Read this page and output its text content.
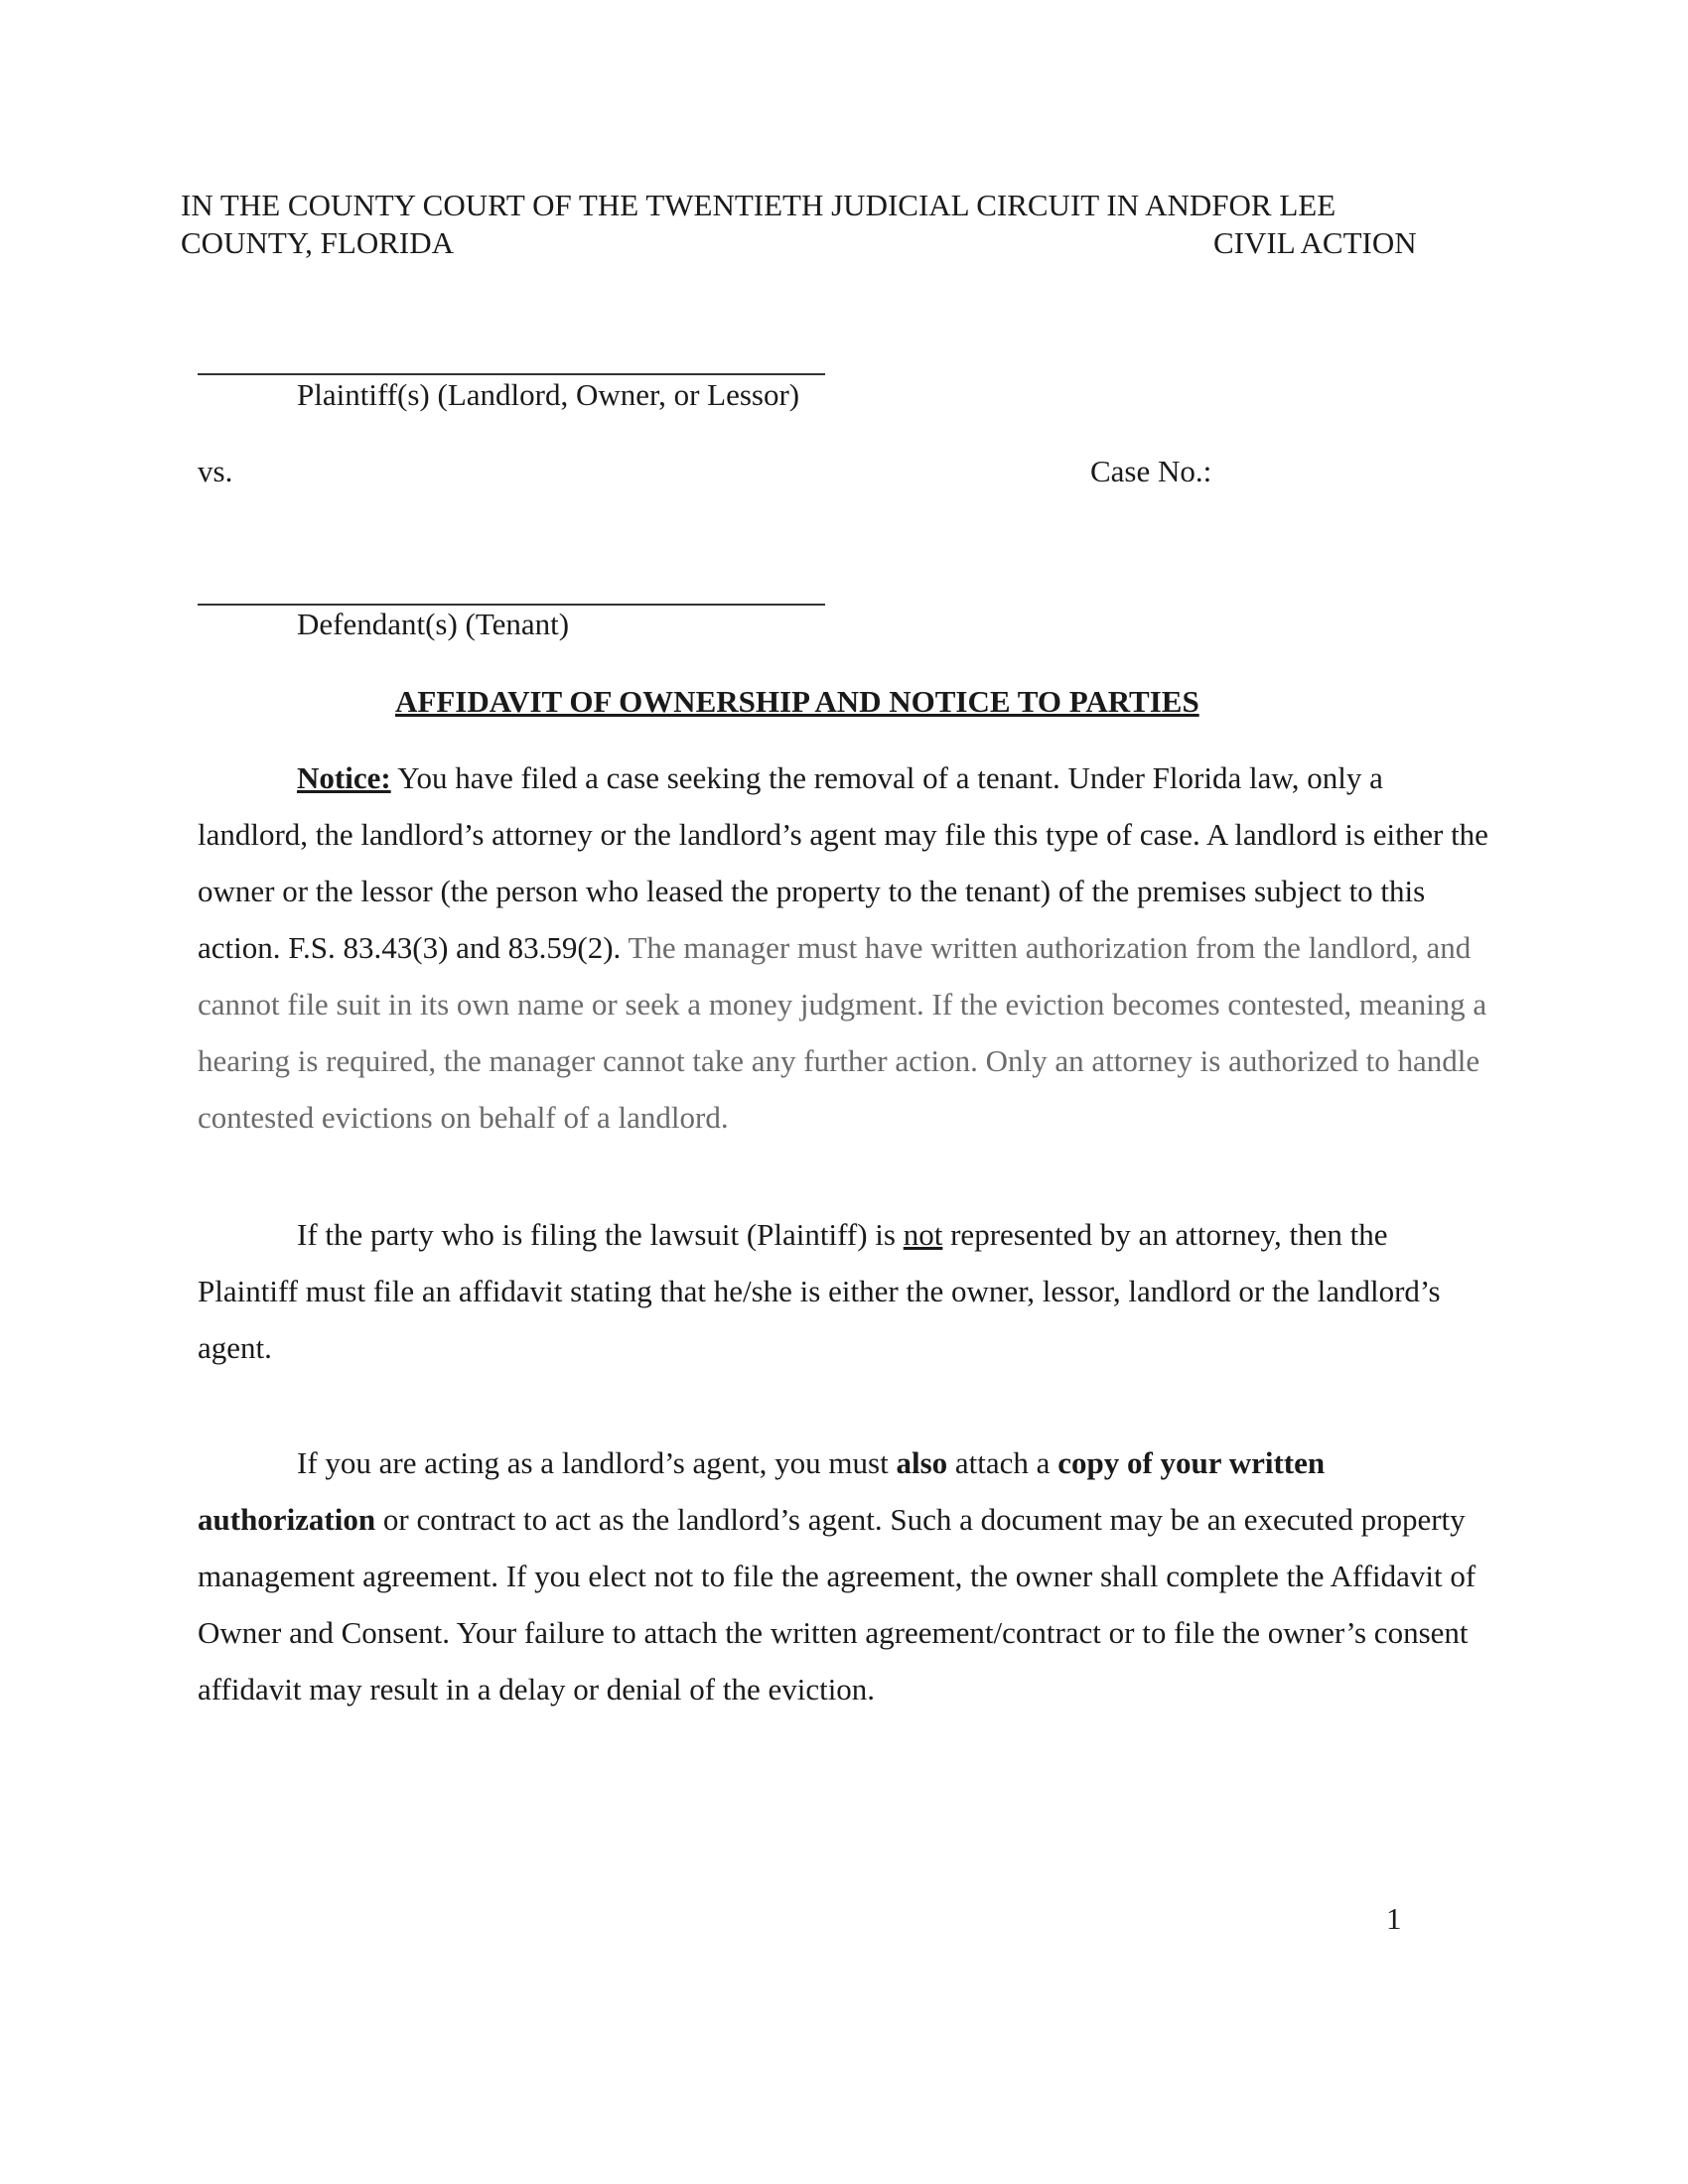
IN THE COUNTY COURT OF THE TWENTIETH JUDICIAL CIRCUIT IN ANDFOR LEE
COUNTY, FLORIDA	CIVIL ACTION
Plaintiff(s) (Landlord, Owner, or Lessor)
vs.	Case No.:
Defendant(s) (Tenant)
AFFIDAVIT OF OWNERSHIP AND NOTICE TO PARTIES

Notice: You have filed a case seeking the removal of a tenant. Under Florida law, only a landlord, the landlord’s attorney or the landlord’s agent may file this type of case. A landlord is either the owner or the lessor (the person who leased the property to the tenant) of the premises subject to this action. F.S. 83.43(3) and 83.59(2). The manager must have written authorization from the landlord, and cannot file suit in its own name or seek a money judgment. If the eviction becomes contested, meaning a hearing is required, the manager cannot take any further action. Only an attorney is authorized to handle contested evictions on behalf of a landlord.

If the party who is filing the lawsuit (Plaintiff) is not represented by an attorney, then the Plaintiff must file an affidavit stating that he/she is either the owner, lessor, landlord or the landlord’s agent.

If you are acting as a landlord’s agent, you must also attach a copy of your written authorization or contract to act as the landlord’s agent. Such a document may be an executed property management agreement. If you elect not to file the agreement, the owner shall complete the Affidavit of Owner and Consent. Your failure to attach the written agreement/contract or to file the owner’s consent affidavit may result in a delay or denial of the eviction.

1
